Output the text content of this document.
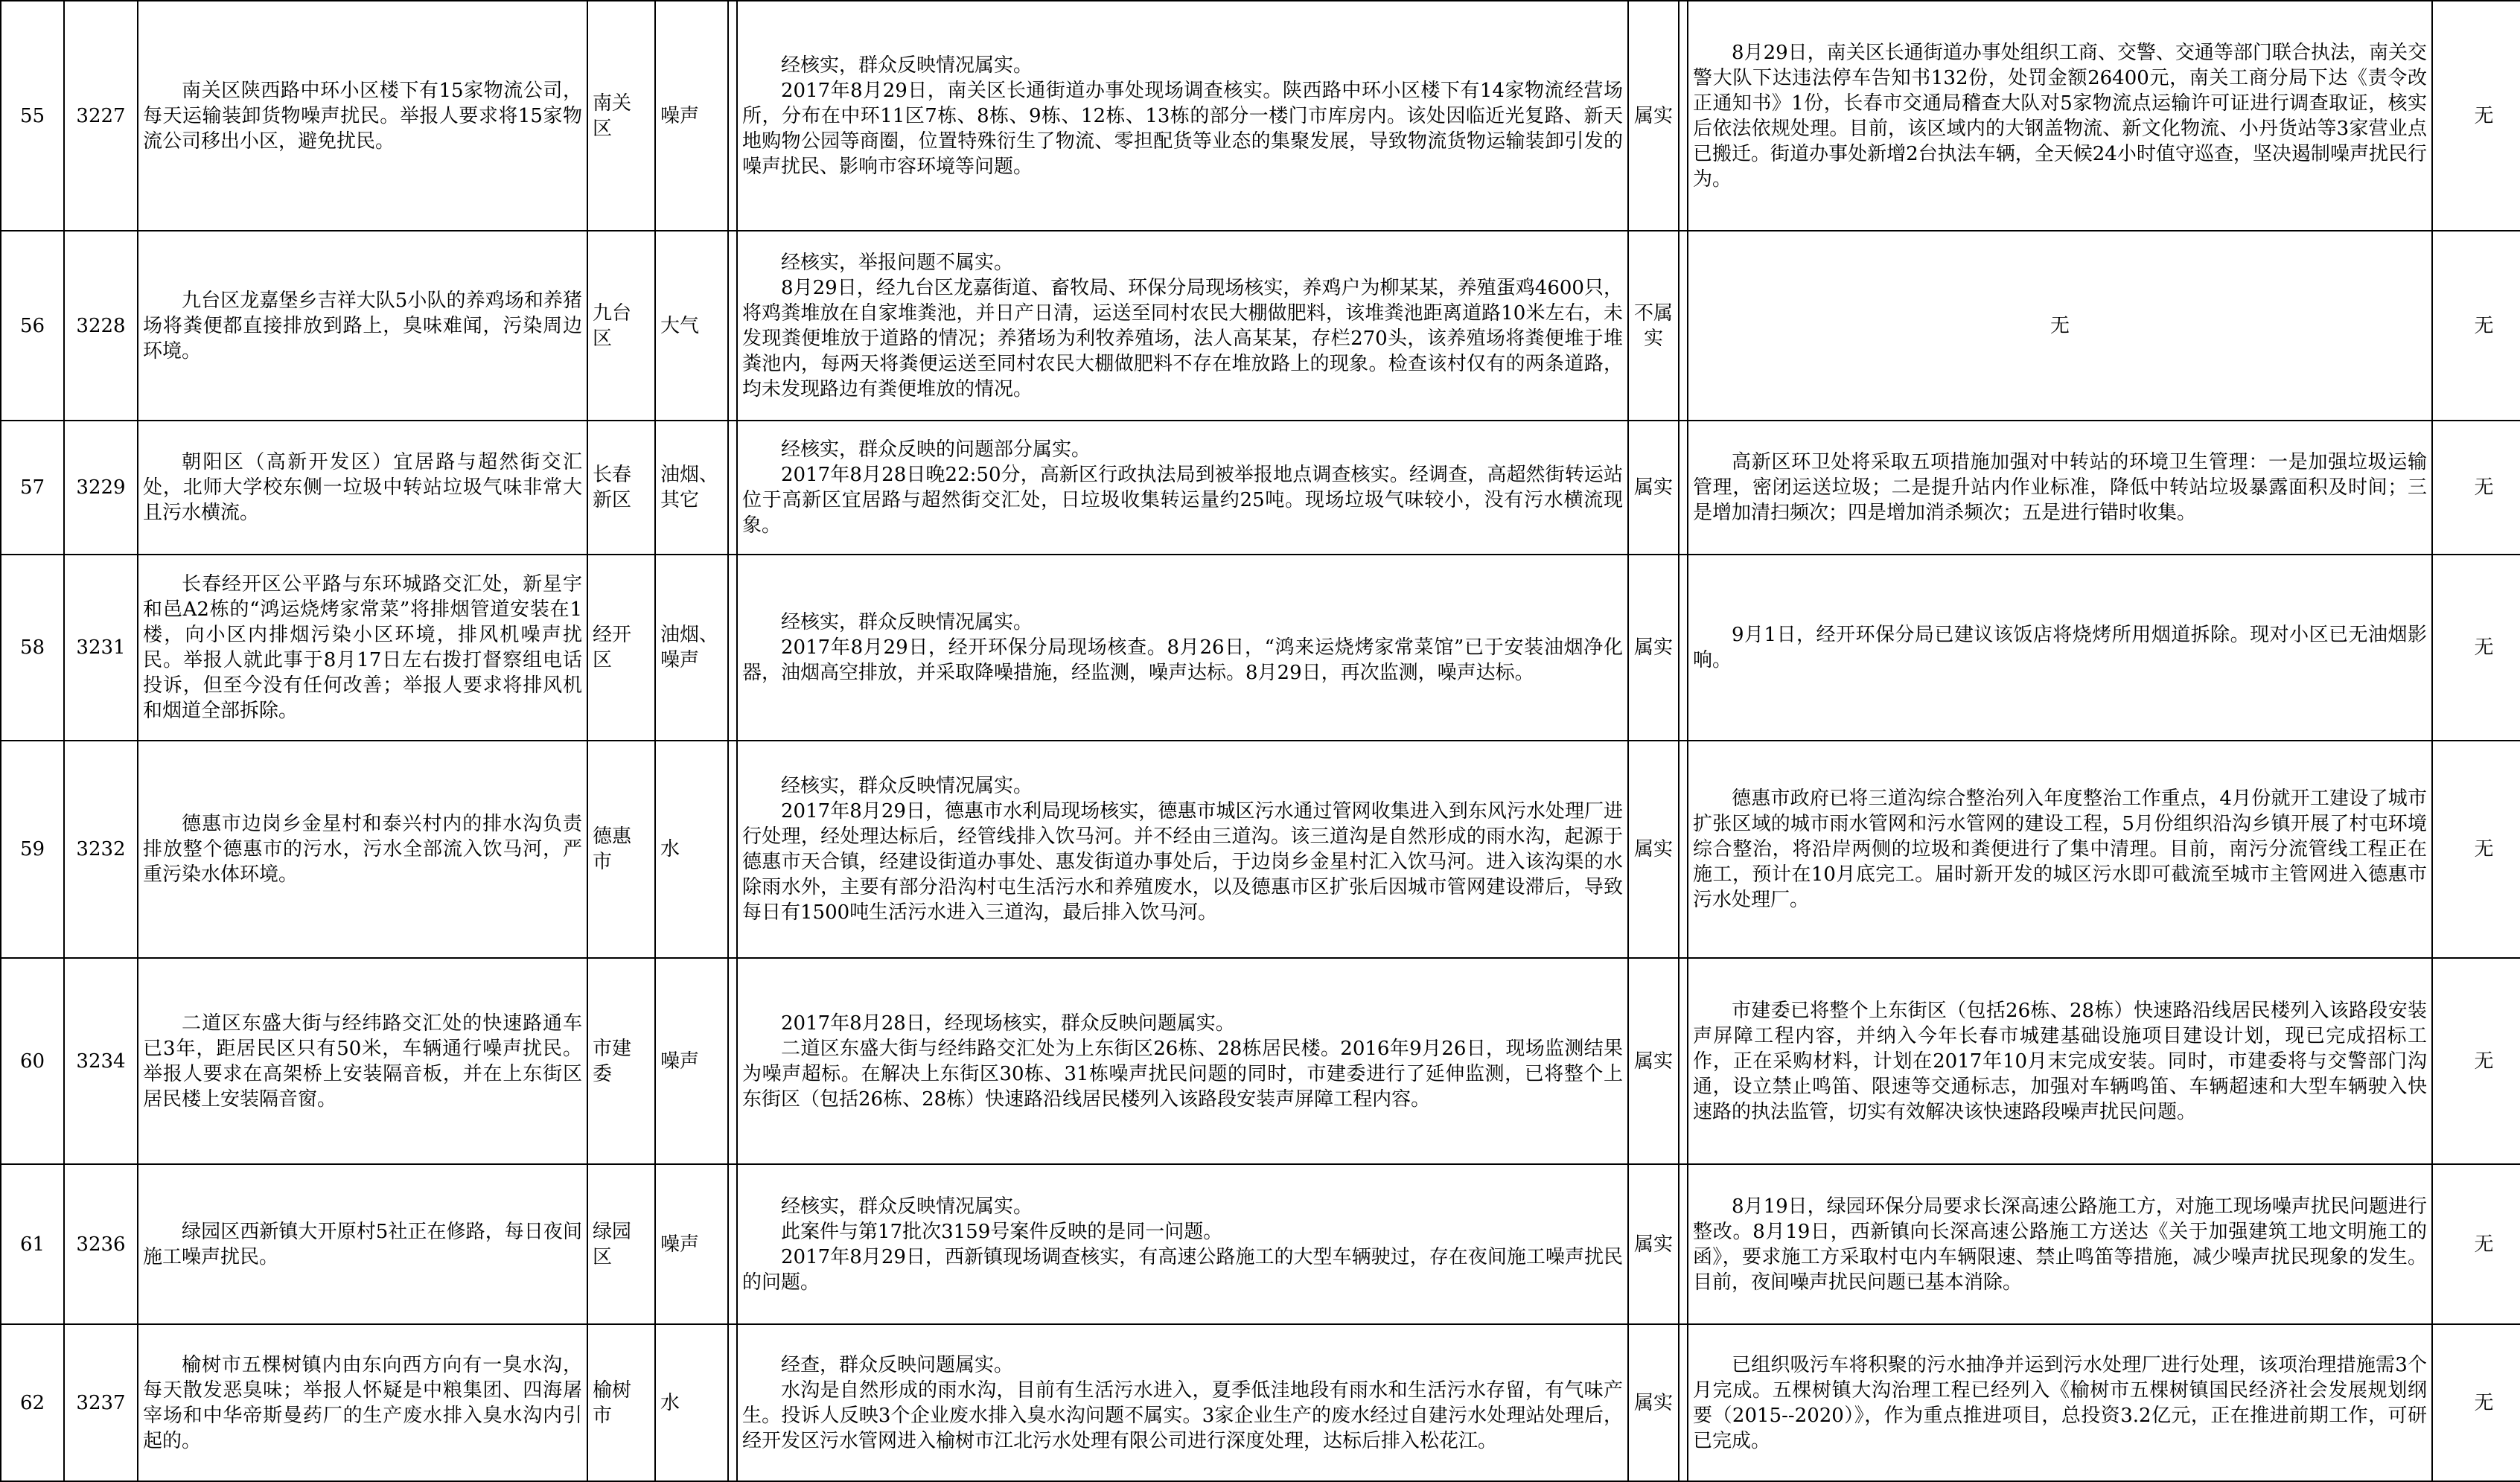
55	3227	南关区陕西路中环小区楼下有15家物流公司，每天运输装卸货物噪声扰民。举报人要求将15家物流公司移出小区，避免扰民。	南关区	噪声		经核实，群众反映情况属实。
2017年8月29日，南关区长通街道办事处现场调查核实。陕西路中环小区楼下有14家物流经营场所，分布在中环11区7栋、8栋、9栋、12栋、13栋的部分一楼门市库房内。该处因临近光复路、新天地购物公园等商圈，位置特殊衍生了物流、零担配货等业态的集聚发展，导致物流货物运输装卸引发的噪声扰民、影响市容环境等问题。	属实		8月29日，南关区长通街道办事处组织工商、交警、交通等部门联合执法，南关交警大队下达违法停车告知书132份，处罚金额26400元，南关工商分局下达《责令改正通知书》1份，长春市交通局稽查大队对5家物流点运输许可证进行调查取证，核实后依法依规处理。目前，该区域内的大钢盖物流、新文化物流、小丹货站等3家营业点已搬迁。街道办事处新增2台执法车辆，全天候24小时值守巡查，坚决遏制噪声扰民行为。	无	
56	3228	九台区龙嘉堡乡吉祥大队5小队的养鸡场和养猪场将粪便都直接排放到路上，臭味难闻，污染周边环境。	九台区	大气		经核实，举报问题不属实。
8月29日，经九台区龙嘉街道、畜牧局、环保分局现场核实，养鸡户为柳某某，养殖蛋鸡4600只，将鸡粪堆放在自家堆粪池，并日产日清，运送至同村农民大棚做肥料，该堆粪池距离道路10米左右，未发现粪便堆放于道路的情况；养猪场为利牧养殖场，法人高某某，存栏270头，该养殖场将粪便堆于堆粪池内，每两天将粪便运送至同村农民大棚做肥料不存在堆放路上的现象。检查该村仅有的两条道路，均未发现路边有粪便堆放的情况。	不属实		无	无	
57	3229	朝阳区（高新开发区）宜居路与超然街交汇处，北师大学校东侧一垃圾中转站垃圾气味非常大且污水横流。	长春新区	油烟、其它		经核实，群众反映的问题部分属实。
2017年8月28日晚22:50分，高新区行政执法局到被举报地点调查核实。经调查，高超然街转运站位于高新区宜居路与超然街交汇处，日垃圾收集转运量约25吨。现场垃圾气味较小，没有污水横流现象。	属实		高新区环卫处将采取五项措施加强对中转站的环境卫生管理：一是加强垃圾运输管理，密闭运送垃圾；二是提升站内作业标准，降低中转站垃圾暴露面积及时间；三是增加清扫频次；四是增加消杀频次；五是进行错时收集。	无	
58	3231	长春经开区公平路与东环城路交汇处，新星宇和邑A2栋的“鸿运烧烤家常菜”将排烟管道安装在1楼，向小区内排烟污染小区环境，排风机噪声扰民。举报人就此事于8月17日左右拨打督察组电话投诉，但至今没有任何改善；举报人要求将排风机和烟道全部拆除。	经开区	油烟、噪声		经核实，群众反映情况属实。
2017年8月29日，经开环保分局现场核查。8月26日，“鸿来运烧烤家常菜馆”已于安装油烟净化器，油烟高空排放，并采取降噪措施，经监测，噪声达标。8月29日，再次监测，噪声达标。	属实		9月1日，经开环保分局已建议该饭店将烧烤所用烟道拆除。现对小区已无油烟影响。	无	
59	3232	德惠市边岗乡金星村和泰兴村内的排水沟负责排放整个德惠市的污水，污水全部流入饮马河，严重污染水体环境。	德惠市	水		经核实，群众反映情况属实。
2017年8月29日，德惠市水利局现场核实，德惠市城区污水通过管网收集进入到东风污水处理厂进行处理，经处理达标后，经管线排入饮马河。并不经由三道沟。该三道沟是自然形成的雨水沟，起源于德惠市天合镇，经建设街道办事处、惠发街道办事处后，于边岗乡金星村汇入饮马河。进入该沟渠的水除雨水外，主要有部分沿沟村屯生活污水和养殖废水，以及德惠市区扩张后因城市管网建设滞后，导致每日有1500吨生活污水进入三道沟，最后排入饮马河。	属实		德惠市政府已将三道沟综合整治列入年度整治工作重点，4月份就开工建设了城市扩张区域的城市雨水管网和污水管网的建设工程，5月份组织沿沟乡镇开展了村屯环境综合整治，将沿岸两侧的垃圾和粪便进行了集中清理。目前，南污分流管线工程正在施工，预计在10月底完工。届时新开发的城区污水即可截流至城市主管网进入德惠市污水处理厂。	无	
60	3234	二道区东盛大街与经纬路交汇处的快速路通车已3年，距居民区只有50米，车辆通行噪声扰民。举报人要求在高架桥上安装隔音板，并在上东街区居民楼上安装隔音窗。	市建委	噪声		2017年8月28日，经现场核实，群众反映问题属实。
二道区东盛大街与经纬路交汇处为上东街区26栋、28栋居民楼。2016年9月26日，现场监测结果为噪声超标。在解决上东街区30栋、31栋噪声扰民问题的同时，市建委进行了延伸监测，已将整个上东街区（包括26栋、28栋）快速路沿线居民楼列入该路段安装声屏障工程内容。	属实		市建委已将整个上东街区（包括26栋、28栋）快速路沿线居民楼列入该路段安装声屏障工程内容，并纳入今年长春市城建基础设施项目建设计划，现已完成招标工作，正在采购材料，计划在2017年10月末完成安装。同时，市建委将与交警部门沟通，设立禁止鸣笛、限速等交通标志，加强对车辆鸣笛、车辆超速和大型车辆驶入快速路的执法监管，切实有效解决该快速路段噪声扰民问题。	无	
61	3236	绿园区西新镇大开原村5社正在修路，每日夜间施工噪声扰民。	绿园区	噪声		经核实，群众反映情况属实。
此案件与第17批次3159号案件反映的是同一问题。
2017年8月29日，西新镇现场调查核实，有高速公路施工的大型车辆驶过，存在夜间施工噪声扰民的问题。	属实		8月19日，绿园环保分局要求长深高速公路施工方，对施工现场噪声扰民问题进行整改。8月19日，西新镇向长深高速公路施工方送达《关于加强建筑工地文明施工的函》，要求施工方采取村屯内车辆限速、禁止鸣笛等措施，减少噪声扰民现象的发生。目前，夜间噪声扰民问题已基本消除。	无	
62	3237	榆树市五棵树镇内由东向西方向有一臭水沟，每天散发恶臭味；举报人怀疑是中粮集团、四海屠宰场和中华帝斯曼药厂的生产废水排入臭水沟内引起的。	榆树市	水		经查，群众反映问题属实。
水沟是自然形成的雨水沟，目前有生活污水进入，夏季低洼地段有雨水和生活污水存留，有气味产生。投诉人反映3个企业废水排入臭水沟问题不属实。3家企业生产的废水经过自建污水处理站处理后，经开发区污水管网进入榆树市江北污水处理有限公司进行深度处理，达标后排入松花江。	属实		已组织吸污车将积聚的污水抽净并运到污水处理厂进行处理，该项治理措施需3个月完成。五棵树镇大沟治理工程已经列入《榆树市五棵树镇国民经济社会发展规划纲要（2015--2020）》，作为重点推进项目，总投资3.2亿元，正在推进前期工作，可研已完成。	无	
